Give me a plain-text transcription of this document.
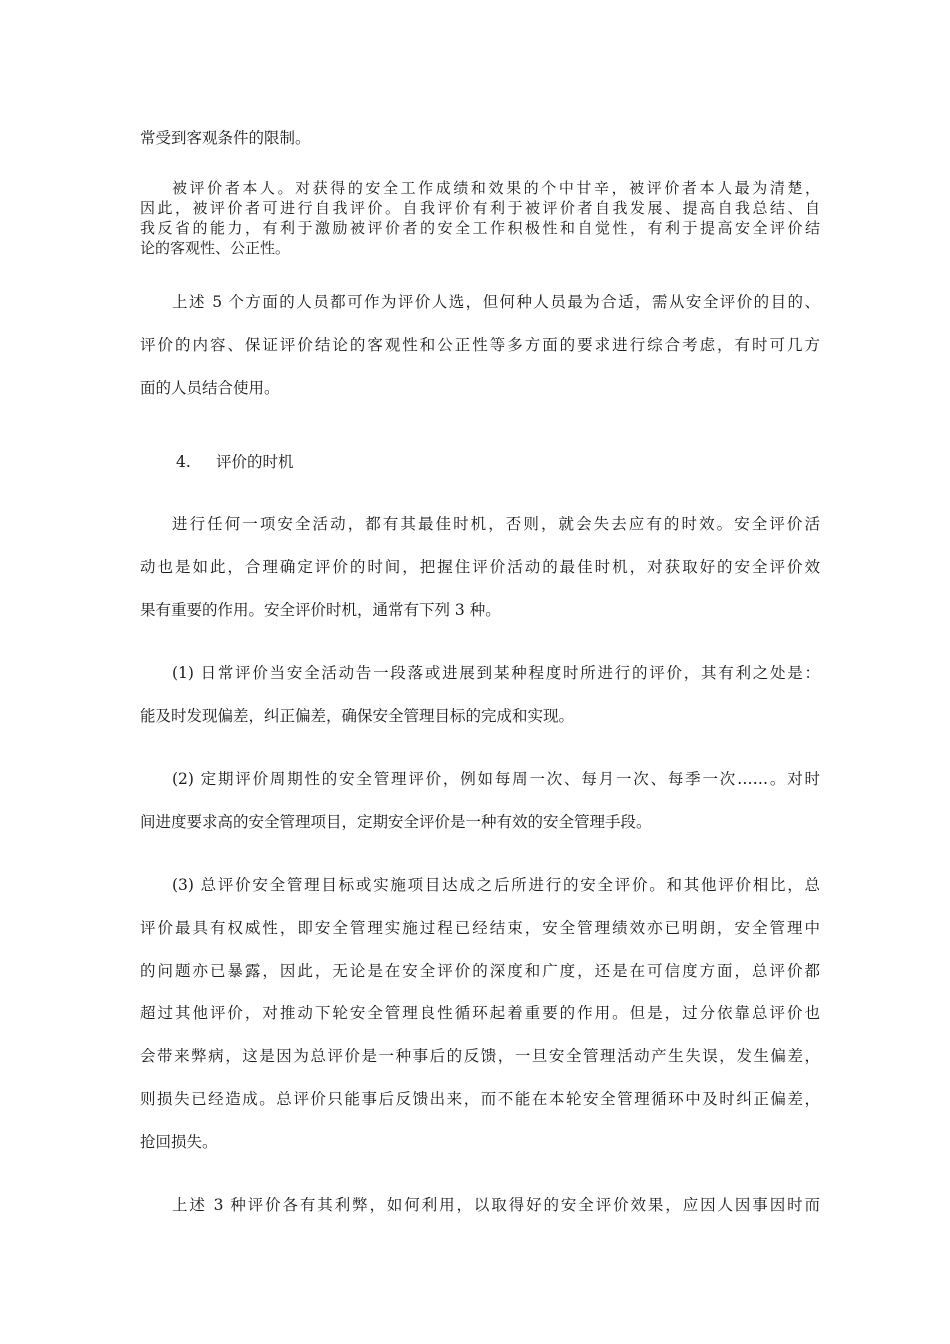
常受到客观条件的限制。
被评价者本人。对获得的安全工作成绩和效果的个中甘辛，被评价者本人最为清楚，
因此，被评价者可进行自我评价。自我评价有利于被评价者自我发展、提高自我总结、自
我反省的能力，有利于激励被评价者的安全工作积极性和自觉性，有利于提高安全评价结
论的客观性、公正性。
上述 5 个方面的人员都可作为评价人选，但何种人员最为合适，需从安全评价的目的、
评价的内容、保证评价结论的客观性和公正性等多方面的要求进行综合考虑，有时可几方
面的人员结合使用。
4.	评价的时机
进行任何一项安全活动，都有其最佳时机，否则，就会失去应有的时效。安全评价活
动也是如此，合理确定评价的时间，把握住评价活动的最佳时机，对获取好的安全评价效
果有重要的作用。安全评价时机，通常有下列 3 种。
(1) 日常评价当安全活动告一段落或进展到某种程度时所进行的评价，其有利之处是：
能及时发现偏差，纠正偏差，确保安全管理目标的完成和实现。
(2) 定期评价周期性的安全管理评价，例如每周一次、每月一次、每季一次……。对时
间进度要求高的安全管理项目，定期安全评价是一种有效的安全管理手段。
(3) 总评价安全管理目标或实施项目达成之后所进行的安全评价。和其他评价相比，总
评价最具有权威性，即安全管理实施过程已经结束，安全管理绩效亦已明朗，安全管理中
的问题亦已暴露，因此，无论是在安全评价的深度和广度，还是在可信度方面，总评价都
超过其他评价，对推动下轮安全管理良性循环起着重要的作用。但是，过分依靠总评价也
会带来弊病，这是因为总评价是一种事后的反馈，一旦安全管理活动产生失误，发生偏差，
则损失已经造成。总评价只能事后反馈出来，而不能在本轮安全管理循环中及时纠正偏差，
抢回损失。
上述 3 种评价各有其利弊，如何利用，以取得好的安全评价效果，应因人因事因时而
